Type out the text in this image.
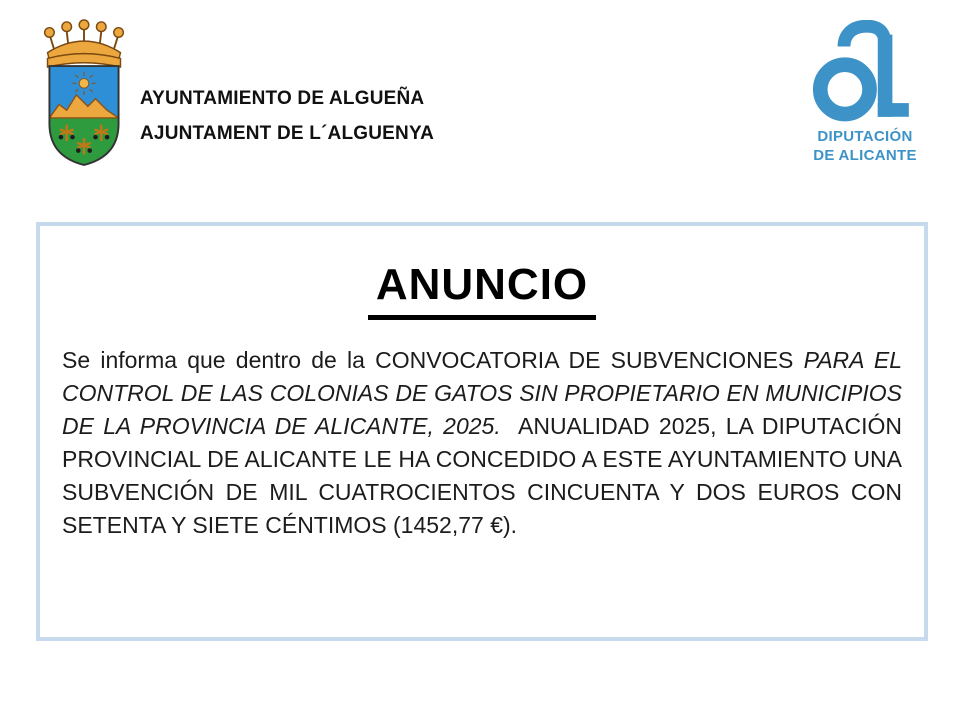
AYUNTAMIENTO DE ALGUEÑA
AJUNTAMENT DE L´ALGUENYA	DIPUTACIÓN
DE ALICANTE
ANUNCIO

Se informa que dentro de la CONVOCATORIA DE SUBVENCIONES PARA EL CONTROL DE LAS COLONIAS DE GATOS SIN PROPIETARIO EN MUNICIPIOS DE LA PROVINCIA DE ALICANTE, 2025.  ANUALIDAD 2025, LA DIPUTACIÓN PROVINCIAL DE ALICANTE LE HA CONCEDIDO A ESTE AYUNTAMIENTO UNA SUBVENCIÓN DE MIL CUATROCIENTOS CINCUENTA Y DOS EUROS CON SETENTA Y SIETE CÉNTIMOS (1452,77 €).
